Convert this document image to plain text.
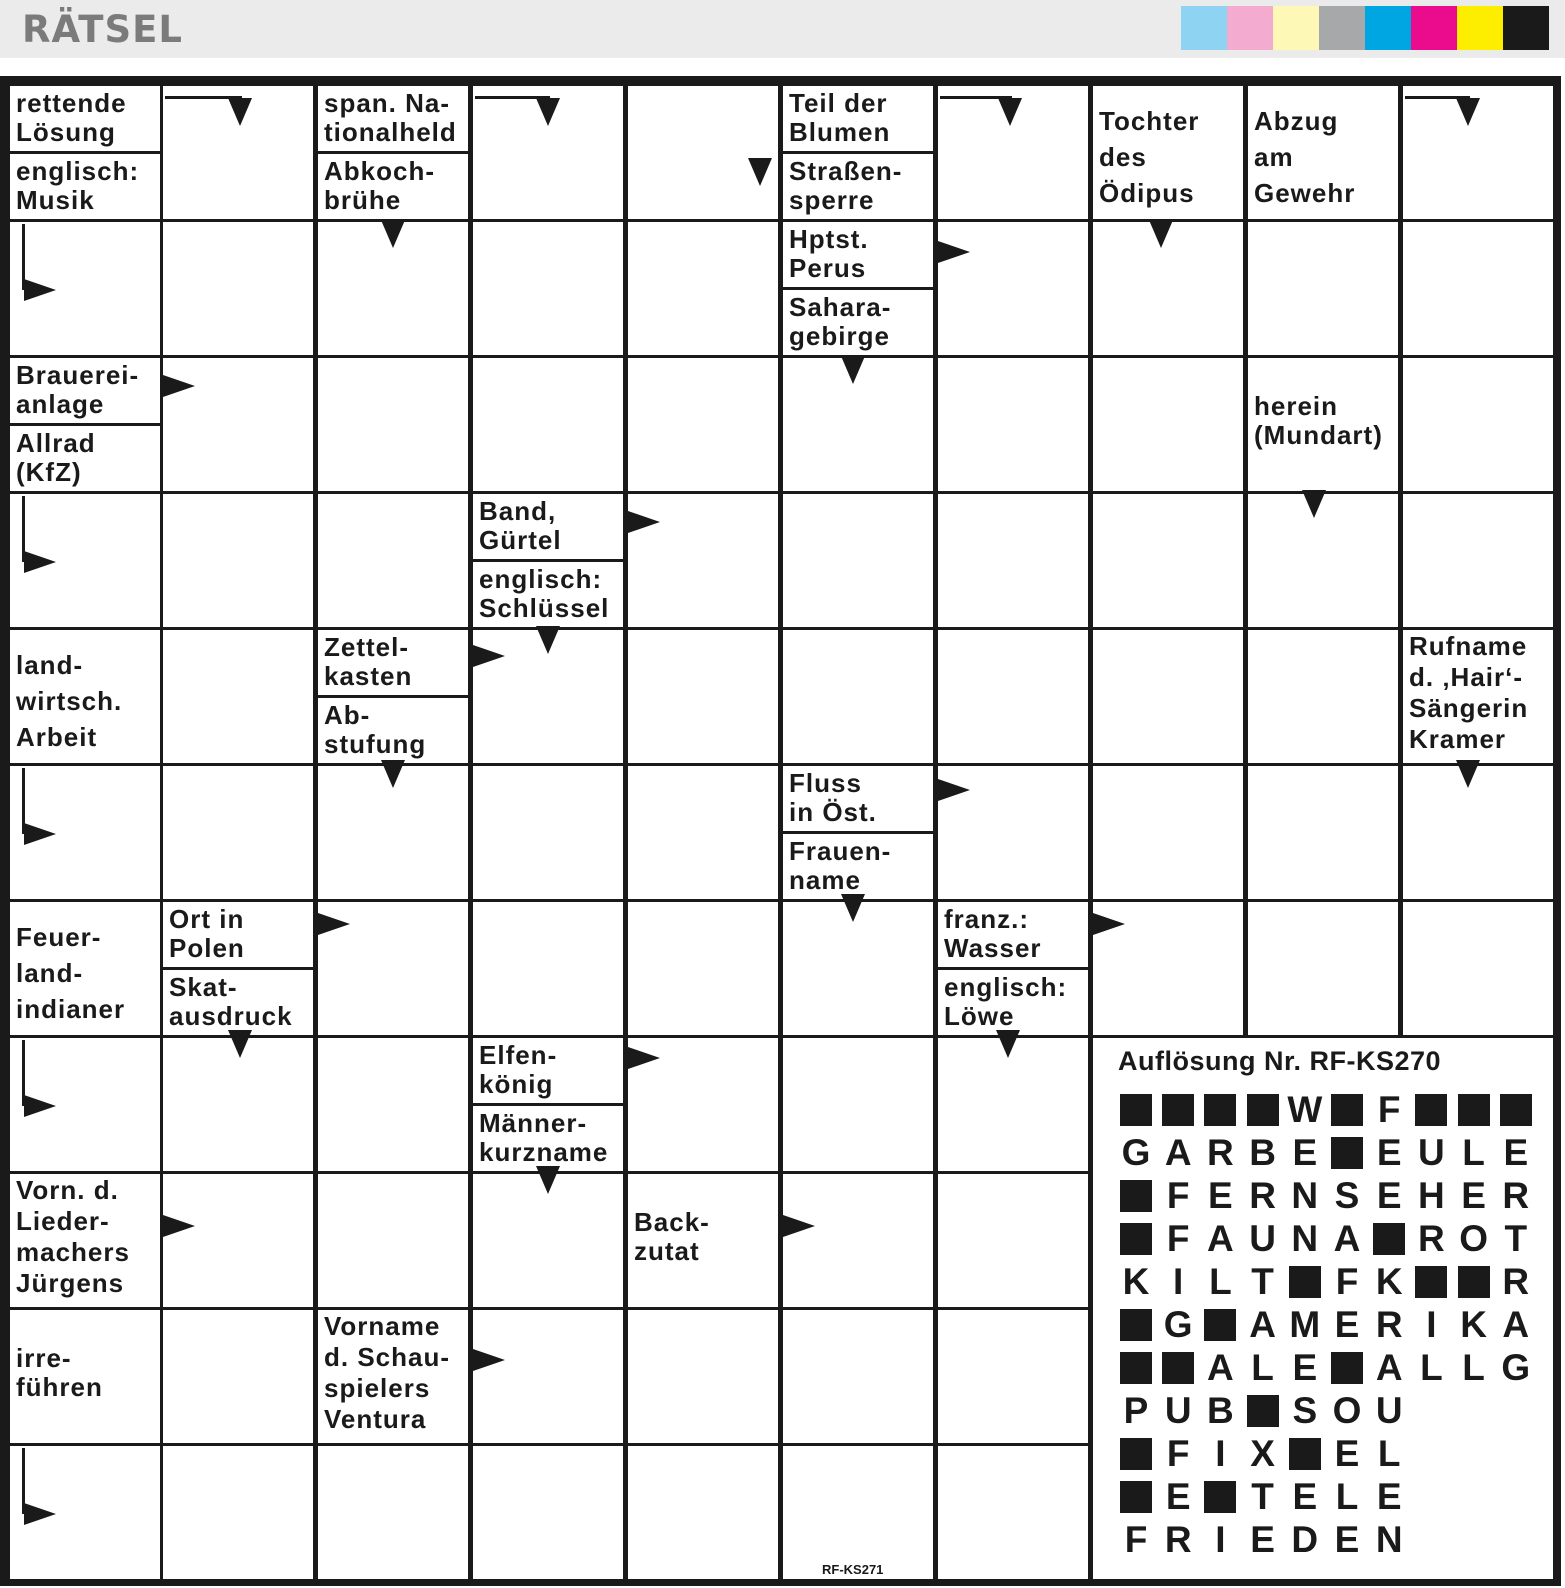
RÄTSEL
rettende
Lösung
englisch:
Musik
span. Na-
tionalheld
Abkoch-
brühe
Teil der
Blumen
Straßen-
sperre
Tochter
des
Ödipus
Abzug
am
Gewehr
Hptst.
Perus
Sahara-
gebirge
Brauerei-
anlage
Allrad
(KfZ)
herein
(Mundart)
Band,
Gürtel
englisch:
Schlüssel
land-
wirtsch.
Arbeit
Zettel-
kasten
Ab-
stufung
Rufname
d. ‚Hair‘-
Sängerin
Kramer
Fluss
in Öst.
Frauen-
name
Feuer-
land-
indianer
Ort in
Polen
Skat-
ausdruck
franz.:
Wasser
englisch:
Löwe
Elfen-
könig
Männer-
kurzname
Vorn. d.
Lieder-
machers
Jürgens
Back-
zutat
irre-
führen
Vorname
d. Schau-
spielers
Ventura
Auflösung Nr. RF-KS270
W F
G A R B E E U L E
F E R N S E H E R
F A U N A R O T
K I L T F K	R
G A M E R I K A
A L E A L L G
P U B S O U
F I X E L
E T E L E
F R I E D E N
RF-KS271
